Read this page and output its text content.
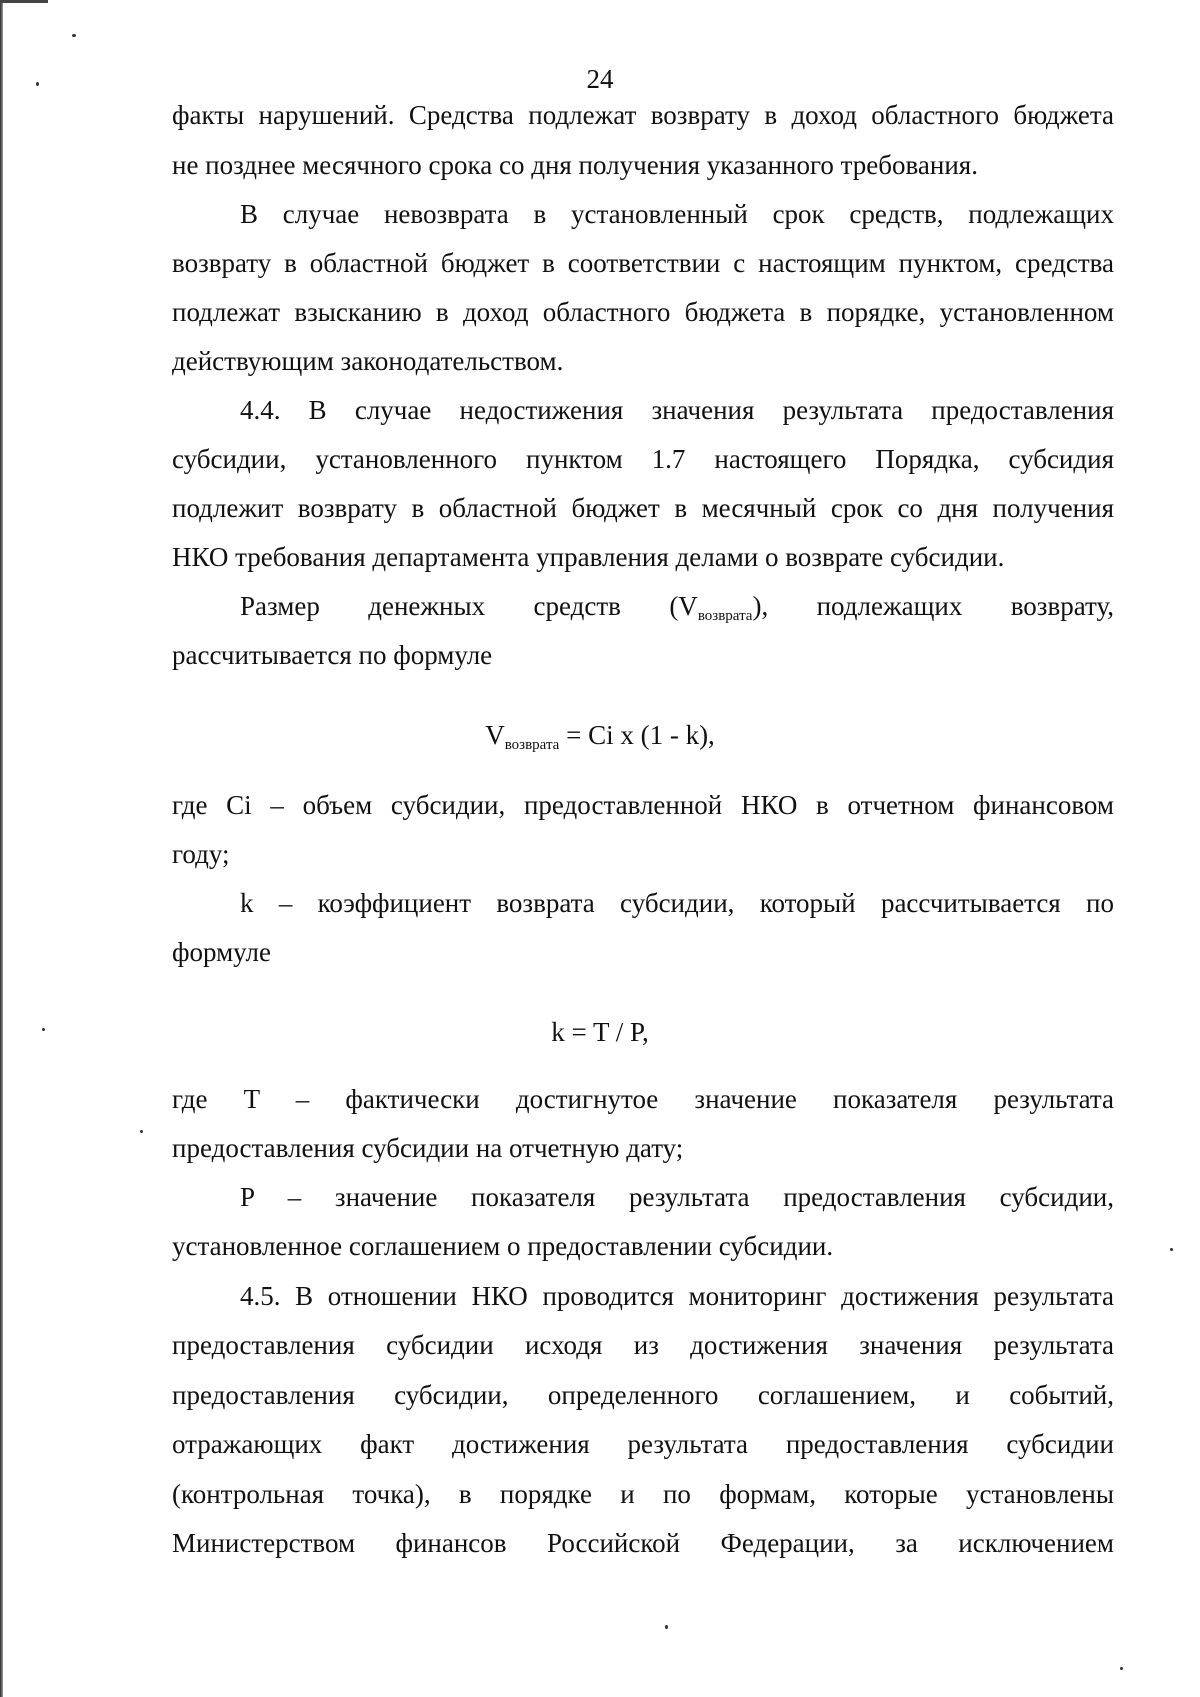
24
факты нарушений. Средства подлежат возврату в доход областного бюджета
не позднее месячного срока со дня получения указанного требования.
В случае невозврата в установленный срок средств, подлежащих
возврату в областной бюджет в соответствии с настоящим пунктом, средства
подлежат взысканию в доход областного бюджета в порядке, установленном
действующим законодательством.
4.4. В случае недостижения значения результата предоставления
субсидии, установленного пунктом 1.7 настоящего Порядка, субсидия
подлежит возврату в областной бюджет в месячный срок со дня получения
НКО требования департамента управления делами о возврате субсидии.
Размер денежных средств $(V_{возврата})$, подлежащих возврату,
рассчитывается по формуле
$V_{возврата} = Ci$ x (1 - k),
где Ci – объем субсидии, предоставленной НКО в отчетном финансовом
году;
k – коэффициент возврата субсидии, который рассчитывается по
формуле
k = T / P,
где T – фактически достигнутое значение показателя результата
предоставления субсидии на отчетную дату;
P – значение показателя результата предоставления субсидии,
установленное соглашением о предоставлении субсидии.
4.5. В отношении НКО проводится мониторинг достижения результата
предоставления субсидии исходя из достижения значения результата
предоставления субсидии, определенного соглашением, и событий,
отражающих факт достижения результата предоставления субсидии
(контрольная точка), в порядке и по формам, которые установлены
Министерством финансов Российской Федерации, за исключением
